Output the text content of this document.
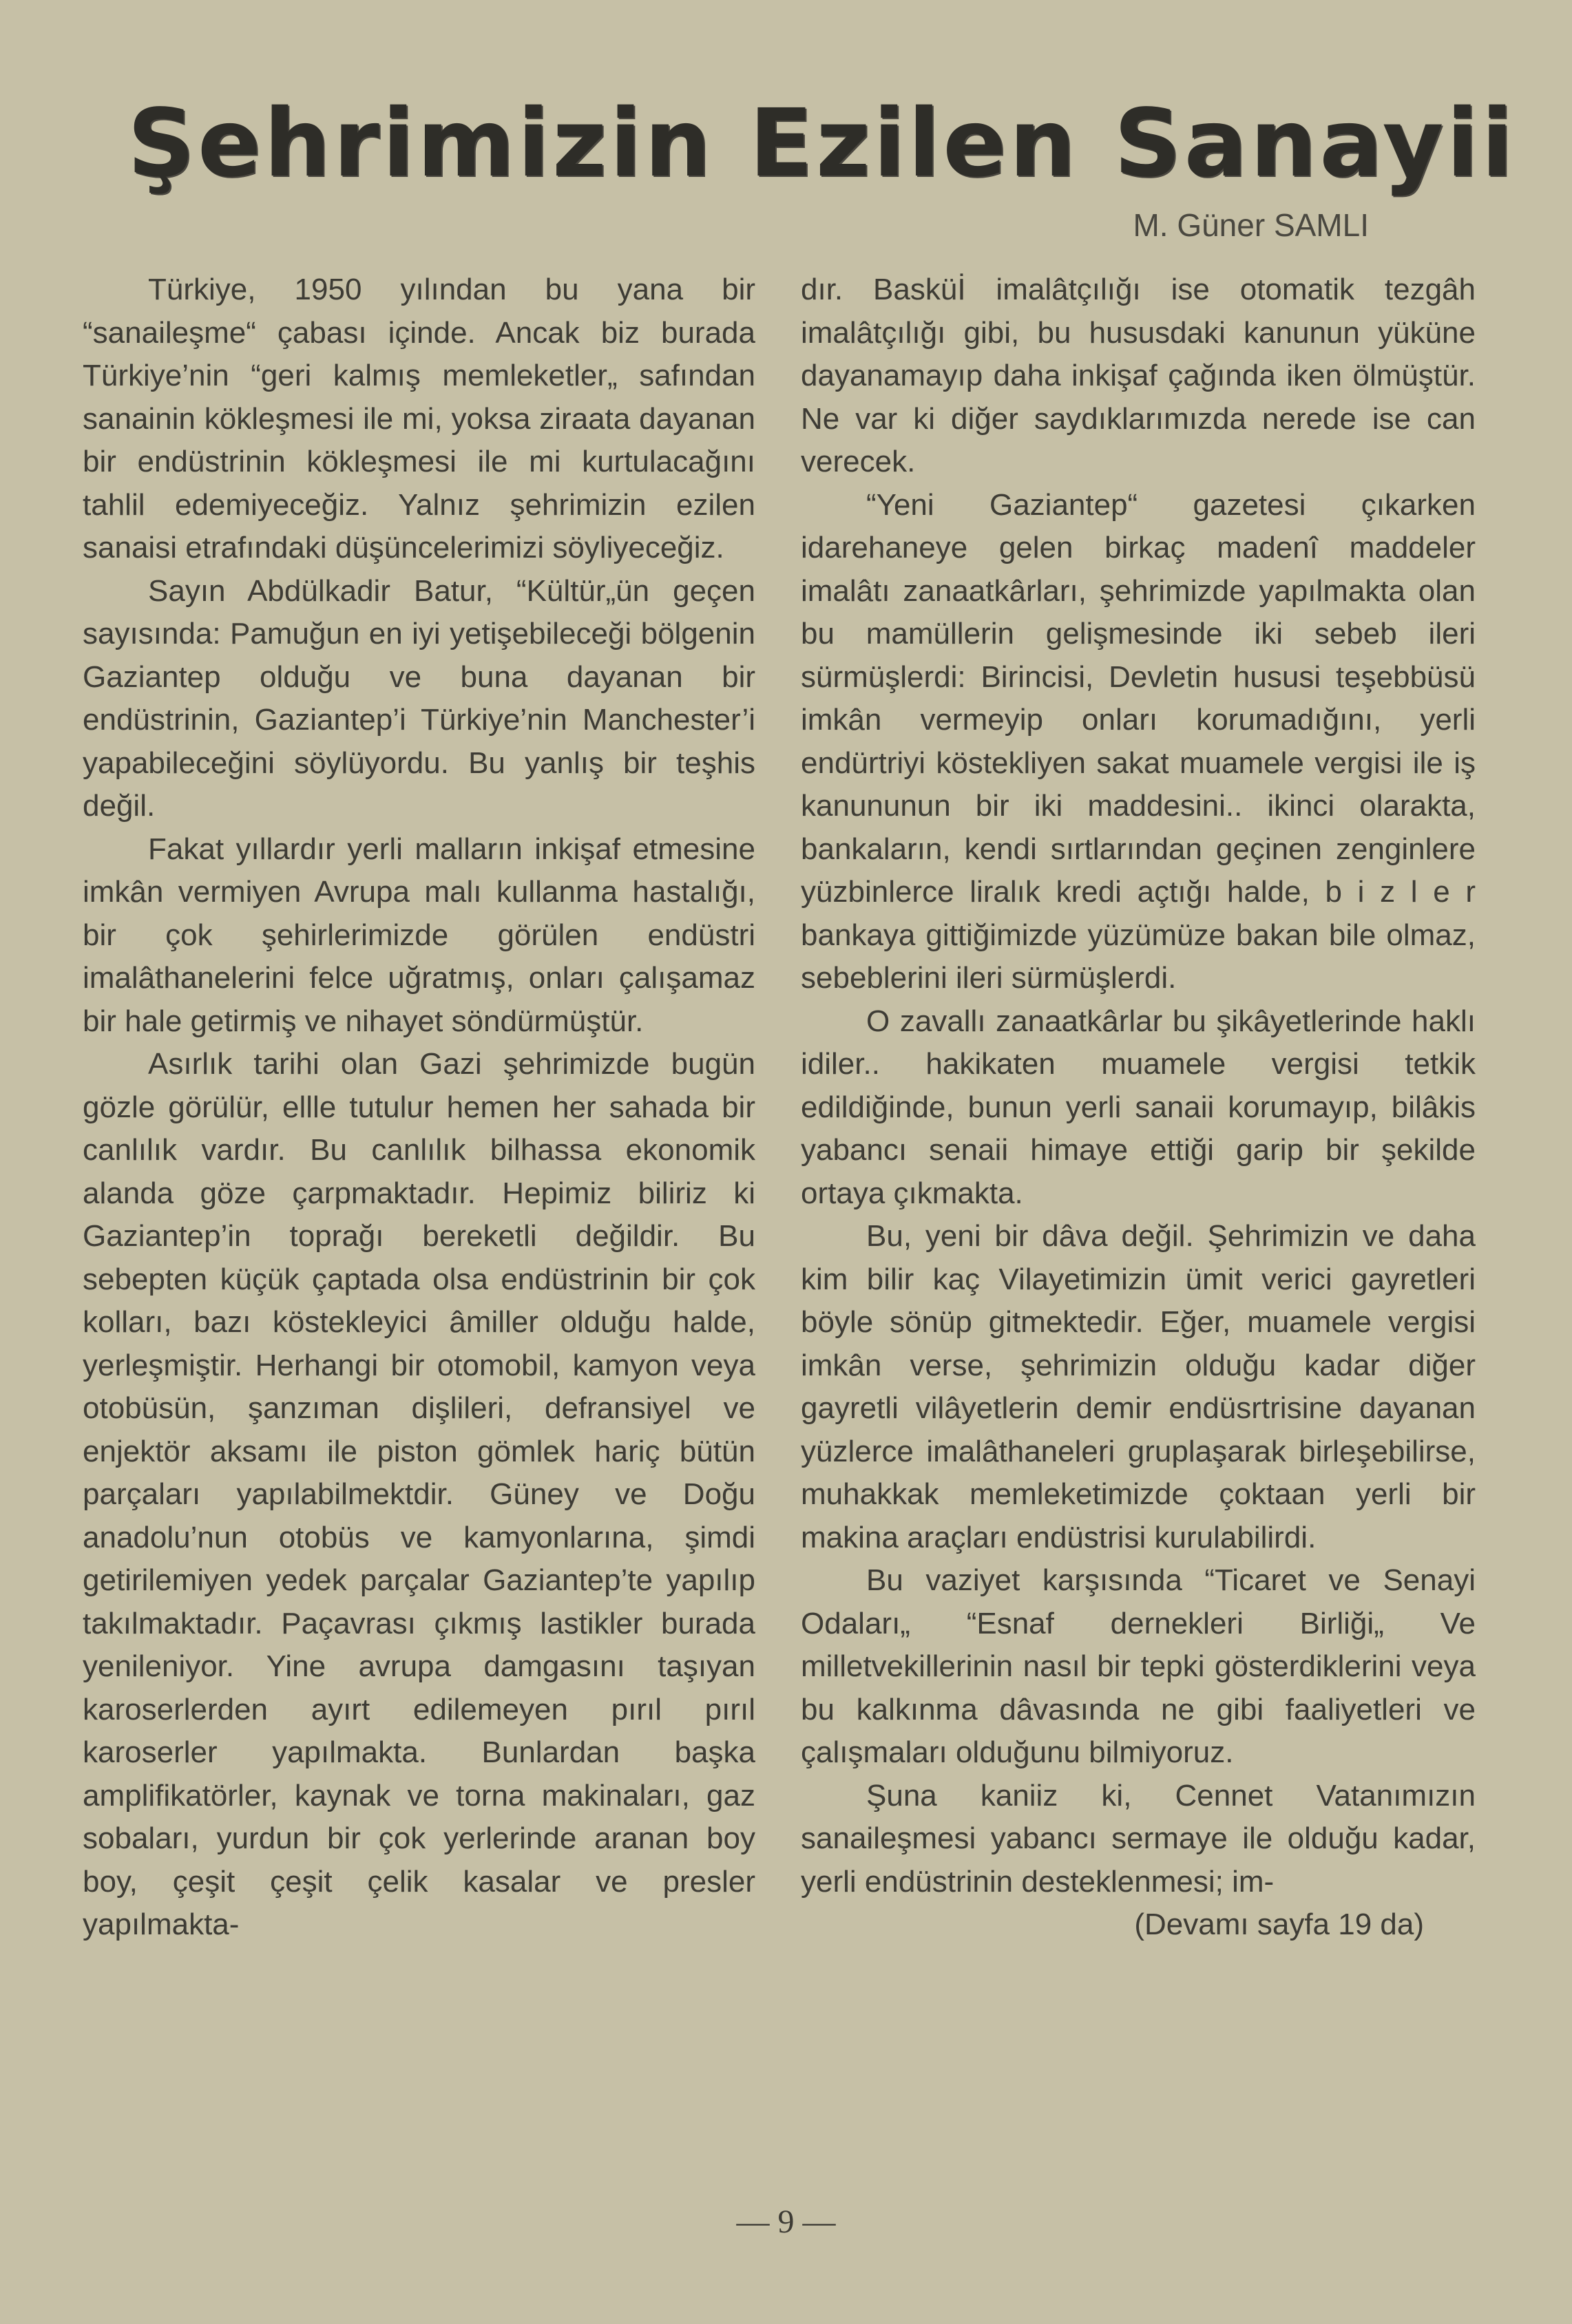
Şehrimizin Ezilen Sanayii
M. Güner SAMLI

Türkiye, 1950 yılından bu yana bir “sanaileşme“ çabası içinde. Ancak biz burada Türkiye’nin “geri kalmış memleketler„ safından sanainin kökleşmesi ile mi, yoksa ziraata dayanan bir endüstrinin kökleşmesi ile mi kurtulacağını tahlil edemiyeceğiz. Yalnız şehrimizin ezilen sanaisi etrafındaki düşüncelerimizi söyliyeceğiz.

Sayın Abdülkadir Batur, “Kültür„ün geçen sayısında: Pamuğun en iyi yetişebileceği bölgenin Gaziantep olduğu ve buna dayanan bir endüstrinin, Gaziantep’i Türkiye’nin Manchester’i yapabileceğini söylüyordu. Bu yanlış bir teşhis değil.

Fakat yıllardır yerli malların inkişaf etmesine imkân vermiyen Avrupa malı kullanma hastalığı, bir çok şehirlerimizde görülen endüstri imalâthanelerini felce uğratmış, onları çalışamaz bir hale getirmiş ve nihayet söndürmüştür.

Asırlık tarihi olan Gazi şehrimizde bugün gözle görülür, ellle tutulur hemen her sahada bir canlılık vardır. Bu canlılık bilhassa ekonomik alanda göze çarpmaktadır. Hepimiz biliriz ki Gaziantep’in toprağı bereketli değildir. Bu sebepten küçük çaptada olsa endüstrinin bir çok kolları, bazı köstekleyici âmiller olduğu halde, yerleşmiştir. Herhangi bir otomobil, kamyon veya otobüsün, şanzıman dişlileri, defransiyel ve enjektör aksamı ile piston gömlek hariç bütün parçaları yapılabilmektdir. Güney ve Doğu anadolu’nun otobüs ve kamyonlarına, şimdi getirilemiyen yedek parçalar Gaziantep’te yapılıp takılmaktadır. Paçavrası çıkmış lastikler burada yenileniyor. Yine avrupa damgasını taşıyan karoserlerden ayırt edilemeyen pırıl pırıl karoserler yapılmakta. Bunlardan başka amplifikatörler, kaynak ve torna makinaları, gaz sobaları, yurdun bir çok yerlerinde aranan boy boy, çeşit çeşit çelik kasalar ve presler yapılmakta-

dır. Basküİ imalâtçılığı ise otomatik tezgâh imalâtçılığı gibi, bu hususdaki kanunun yüküne dayanamayıp daha inkişaf çağında iken ölmüştür. Ne var ki diğer saydıklarımızda nerede ise can verecek.

“Yeni Gaziantep“ gazetesi çıkarken idarehaneye gelen birkaç madenî maddeler imalâtı zanaatkârları, şehrimizde yapılmakta olan bu mamüllerin gelişmesinde iki sebeb ileri sürmüşlerdi: Birincisi, Devletin hususi teşebbüsü imkân vermeyip onları korumadığını, yerli endürtriyi köstekliyen sakat muamele vergisi ile iş kanununun bir iki maddesini.. ikinci olarakta, bankaların, kendi sırtlarından geçinen zenginlere yüzbinlerce liralık kredi açtığı halde, b i z l e r bankaya gittiğimizde yüzümüze bakan bile olmaz, sebeblerini ileri sürmüşlerdi.

O zavallı zanaatkârlar bu şikâyetlerinde haklı idiler.. hakikaten muamele vergisi tetkik edildiğinde, bunun yerli sanaii korumayıp, bilâkis yabancı senaii himaye ettiği garip bir şekilde ortaya çıkmakta.

Bu, yeni bir dâva değil. Şehrimizin ve daha kim bilir kaç Vilayetimizin ümit verici gayretleri böyle sönüp gitmektedir. Eğer, muamele vergisi imkân verse, şehrimizin olduğu kadar diğer gayretli vilâyetlerin demir endüsrtrisine dayanan yüzlerce imalâthaneleri gruplaşarak birleşebilirse, muhakkak memleketimizde çoktaan yerli bir makina araçları endüstrisi kurulabilirdi.

Bu vaziyet karşısında “Ticaret ve Senayi Odaları„ “Esnaf dernekleri Birliği„ Ve milletvekillerinin nasıl bir tepki gösterdiklerini veya bu kalkınma dâvasında ne gibi faaliyetleri ve çalışmaları olduğunu bilmiyoruz.

Şuna kaniiz ki, Cennet Vatanımızın sanaileşmesi yabancı sermaye ile olduğu kadar, yerli endüstrinin desteklenmesi; im-

(Devamı sayfa 19 da)
— 9 —
